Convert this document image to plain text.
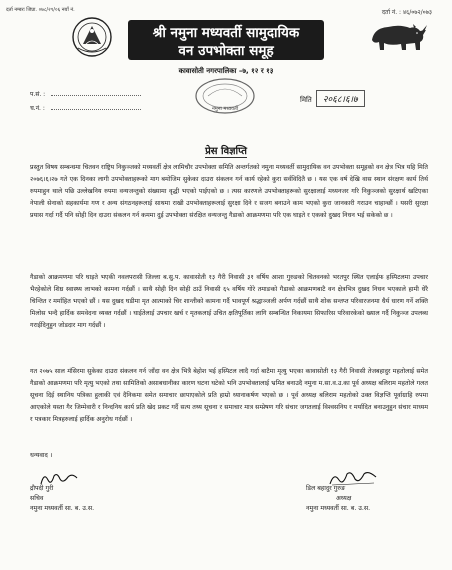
दर्ता नम्बरः जिप्रा. ०७८/२९/०६ नयाँ नं.	दर्ता नं. : ४६/०७२/०७३
श्री नमुना मध्यवर्ती सामुदायिक
वन उपभोक्ता समूह
कावासोती नगरपालिका –७, १२ र १३
प.सं. :
च.नं. :	नमुना मध्यवर्ती
मिति २०६८।६।७
प्रेस विज्ञप्ति
प्रस्तुत विषय सम्बन्धमा चितवन राष्ट्रिय निकुञ्जको मध्यवर्ती क्षेत्र लामिचौर उपभोक्ता समिति अन्तर्गतको नमुना मध्यवर्ती सामुदायिक वन उपभोक्ता समूहको वन क्षेत्र भित्र यहि मिति २०७६।६।२७ गते एक दिनका लागी उपभोक्ताहरूको माग बमोजिम सुकेका दाउरा संकलन गर्न कार्य रहेको कुरा सर्वविदितै छ । यस एक वर्ष देखि वास स्थान संरक्षण कार्य तिर्थ रुपमाहुन थाले पछि उल्लेखनिय रुपमा वन्यजन्तुको संख्यामा वृद्धी भएको पाईएको छ । त्यस कारणले उपभोक्ताहरूको सुरक्षालाई मध्यनजर गरि निकुञ्जको सुरक्षार्थ खटिएका नेपाली सेनाको सहकार्यमा गण र अन्य संगठनहरूलाई साथमा राखी उपभोक्ताहरूलाई सुरक्षा दिने र सजग बनाउने काम भएको कुरा जानकारी गराउन चाहान्छौं । यसरी सुरक्षा प्रयास गर्दा गर्दै पनि सोही दिन दाउरा संकलन गर्न कममा दुई उपभोक्ता संरक्षित वन्यजन्तु गैडाको आक्रमणमा परि एक घाइते र एकको दुखद निधन भई सकेको छ ।
गैडाको आक्रमणमा परि घाइते भएकी नवलपरासी जिल्ला ब.सु.प. कावासोती १३ गैरी निवासी ३१ वर्षिय आशा गुरुङको चितवनको भरतपुर स्थित एलाईफ हस्पिटलमा उपचार भैरहेकोले शिघ्र स्वास्थ्य लाभको कामना गर्दछौं । साथै सोही दिन सोही ठाउँ निवासी ६५ वर्षिय गोरे तमाङको गैडाको आक्रमणबाटै वन क्षेत्रभित्र दुखद निधन भएकाले हामी धेरै चिन्तित र मर्माहित भएको छौं । यस दुखद घडीमा मृत आत्माको चिर शान्तीको कामना गर्दै भावपूर्ण श्रद्धाञ्जली अर्पण गर्दछौं साथै शोक सन्तप्त परिवारजनमा धैर्य धारण गर्ने शक्ति मिलोस भन्दै हार्दिक समवेदना व्यक्त गर्दछौं । घाईतेलाई उपचार खर्च र मृतकलाई उचित क्षतिपूर्तिका लागि सम्बन्धित निकायमा सिफारिस परिवारकेको ख्याल गर्दै निकुञ्ज उपलब्ध गराईदिनुहुन जोडदार माग गर्दछौं ।
गत २०७५ साल मंसिरमा सुकेका दाउरा संकलन गर्न जाँदा वन क्षेत्र भित्रै बेहोश भई हस्पिटल लादै गर्दा बाटैमा मृत्यु भएका कावासोती १३ गैरी निवासी तेजबहादुर महतोलाई समेत गैडाको आक्रमणमा परि मृत्यु भएको तथा सामितिको असाबधानीका कारण घटना घटेको भनि उपभोक्तालाई भ्रमित बनाउदै नमुना म.सा.व.उ.का पूर्व अध्यक्ष बलिराम महतोले गलत सूचना दिई स्थानिय पत्रिका हुलाकी एवं दैनिकमा समेत समाचार छापाएकोले प्रति हाम्रो ध्यानाकर्षण भएको छ । पूर्व अध्यक्ष बलिराम महतोको उक्त विज्ञप्ति पूर्वाग्राहि रुपमा आएकोले यस्ता गैर जिम्मेवारी र निन्दनिय कार्य प्रति खेद प्रकट गर्दै सत्य तथ्य सूचना र समाचार मात्र सम्प्रेषण गरि संचार जगतलाई विश्वसनिय र मर्यादित बनाउनुहुन संचार माध्यम र पत्रकार मित्रहरुलाई हार्दिक अनुरोध गर्दछौं ।
धन्यवाद ।
द्रौपदी गुरी
सचिव
नमुना मध्यवर्ती सा. ब. उ.स.
डिल बहादुर गुरुङ
अध्यक्ष
नमुना मध्यवर्ती सा. ब. उ.स.
